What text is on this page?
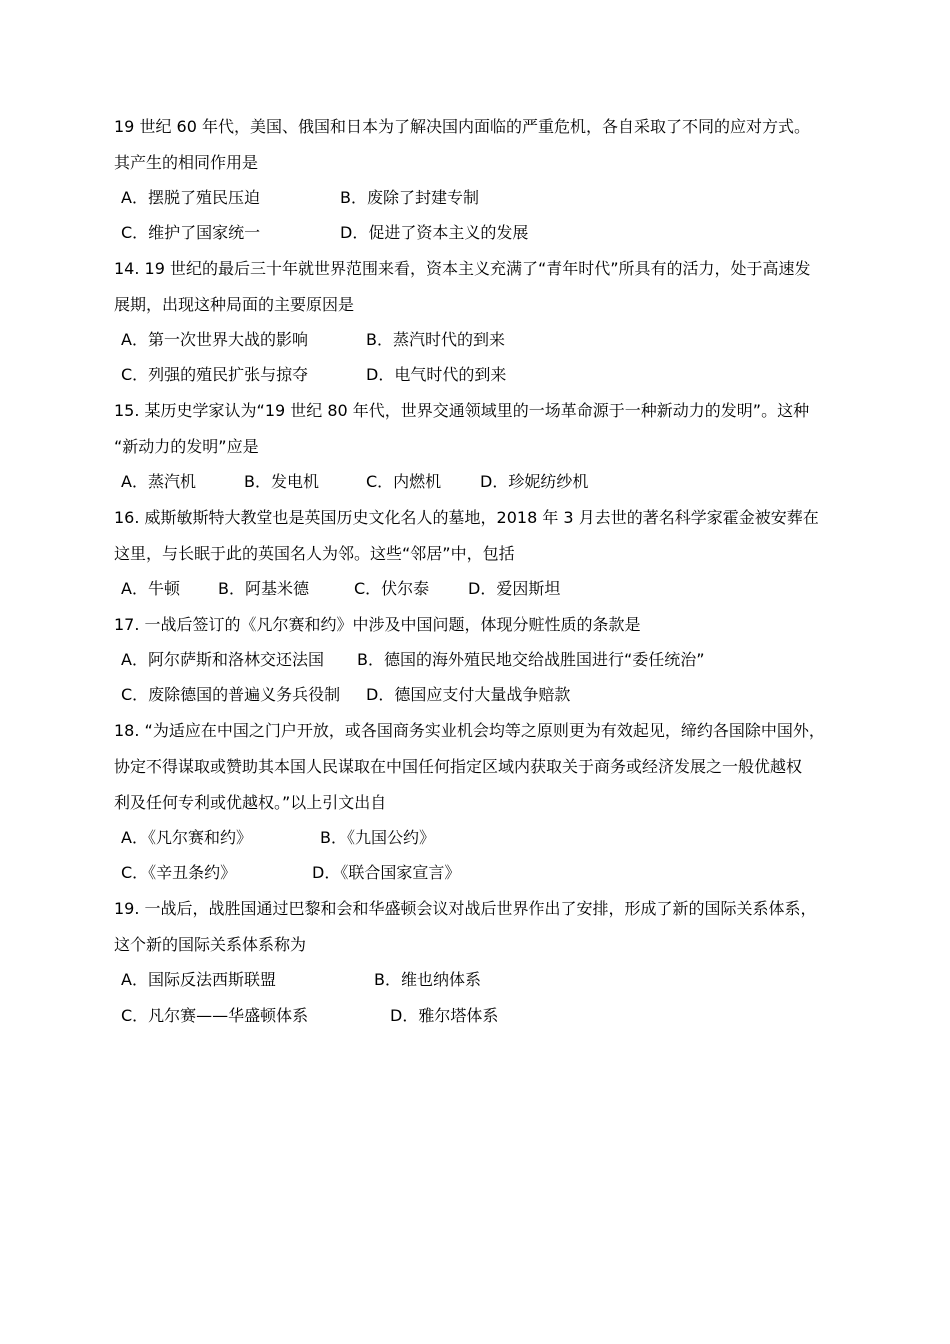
19 世纪 60 年代，美国、俄国和日本为了解决国内面临的严重危机，各自采取了不同的应对方式。
其产生的相同作用是
A．摆脱了殖民压迫	B．废除了封建专制
C．维护了国家统一	D．促进了资本主义的发展
14. 19 世纪的最后三十年就世界范围来看，资本主义充满了“青年时代”所具有的活力，处于高速发
展期，出现这种局面的主要原因是
A．第一次世界大战的影响	B．蒸汽时代的到来
C．列强的殖民扩张与掠夺	D．电气时代的到来
15. 某历史学家认为“19 世纪 80 年代，世界交通领域里的一场革命源于一种新动力的发明”。这种
“新动力的发明”应是
A．蒸汽机	B．发电机	C．内燃机 D．珍妮纺纱机
16. 威斯敏斯特大教堂也是英国历史文化名人的墓地，2018 年 3 月去世的著名科学家霍金被安葬在
这里，与长眠于此的英国名人为邻。这些“邻居”中，包括
A．牛顿 B．阿基米德	C．伏尔泰 D．爱因斯坦
17. 一战后签订的《凡尔赛和约》中涉及中国问题，体现分赃性质的条款是
A．阿尔萨斯和洛林交还法国 B．德国的海外殖民地交给战胜国进行“委任统治”
C．废除德国的普遍义务兵役制 D．德国应支付大量战争赔款
18. “为适应在中国之门户开放，或各国商务实业机会均等之原则更为有效起见，缔约各国除中国外，
协定不得谋取或赞助其本国人民谋取在中国任何指定区域内获取关于商务或经济发展之一般优越权
利及任何专利或优越权。”以上引文出自
A．《凡尔赛和约》	B．《九国公约》
C．《辛丑条约》	D．《联合国家宣言》
19. 一战后，战胜国通过巴黎和会和华盛顿会议对战后世界作出了安排，形成了新的国际关系体系，
这个新的国际关系体系称为
A．国际反法西斯联盟	B．维也纳体系
C．凡尔赛——华盛顿体系	D．雅尔塔体系
